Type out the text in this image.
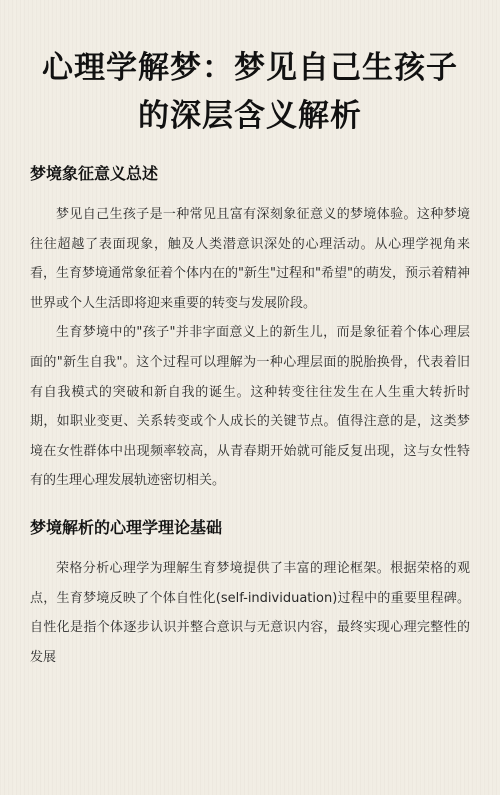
心理学解梦：梦见自己生孩子的深层含义解析
梦境象征意义总述

梦见自己生孩子是一种常见且富有深刻象征意义的梦境体验。这种梦境往往超越了表面现象，触及人类潜意识深处的心理活动。从心理学视角来看，生育梦境通常象征着个体内在的"新生"过程和"希望"的萌发，预示着精神世界或个人生活即将迎来重要的转变与发展阶段。

生育梦境中的"孩子"并非字面意义上的新生儿，而是象征着个体心理层面的"新生自我"。这个过程可以理解为一种心理层面的脱胎换骨，代表着旧有自我模式的突破和新自我的诞生。这种转变往往发生在人生重大转折时期，如职业变更、关系转变或个人成长的关键节点。值得注意的是，这类梦境在女性群体中出现频率较高，从青春期开始就可能反复出现，这与女性特有的生理心理发展轨迹密切相关。

梦境解析的心理学理论基础

荣格分析心理学为理解生育梦境提供了丰富的理论框架。根据荣格的观点，生育梦境反映了个体自性化(self-individuation)过程中的重要里程碑。自性化是指个体逐步认识并整合意识与无意识内容，最终实现心理完整性的发展
